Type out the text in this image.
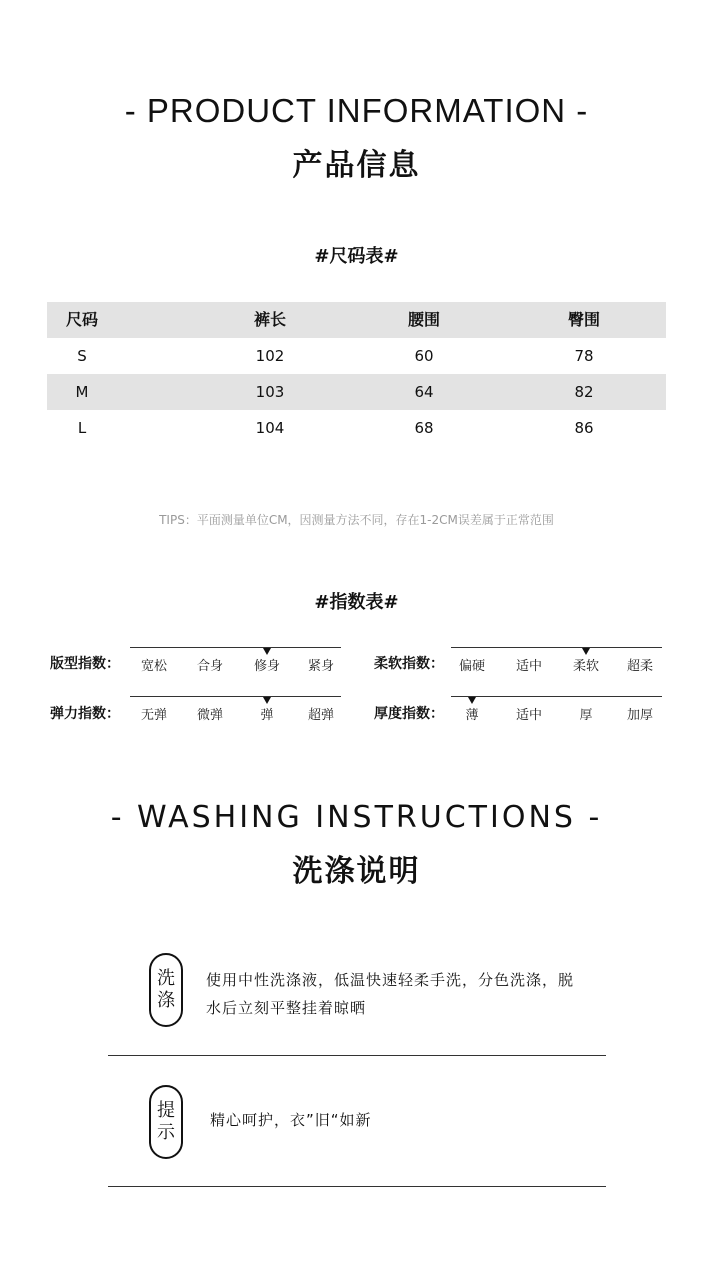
- PRODUCT INFORMATION -
产品信息
#尺码表#
尺码	裤长	腰围	臀围
S	102	60	78
M	103	64	82
L	104	68	86
TIPS：平面测量单位CM，因测量方法不同，存在1-2CM误差属于正常范围
#指数表#
版型指数：	宽松	合身	修身	紧身	柔软指数：	偏硬	适中	柔软	超柔
弹力指数：	无弹	微弹	弹	超弹	厚度指数：	薄	适中	厚	加厚
- WASHING INSTRUCTIONS -
洗涤说明
洗
涤
使用中性洗涤液，低温快速轻柔手洗，分色洗涤，脱
水后立刻平整挂着晾晒
提
示
精心呵护，衣”旧“如新
